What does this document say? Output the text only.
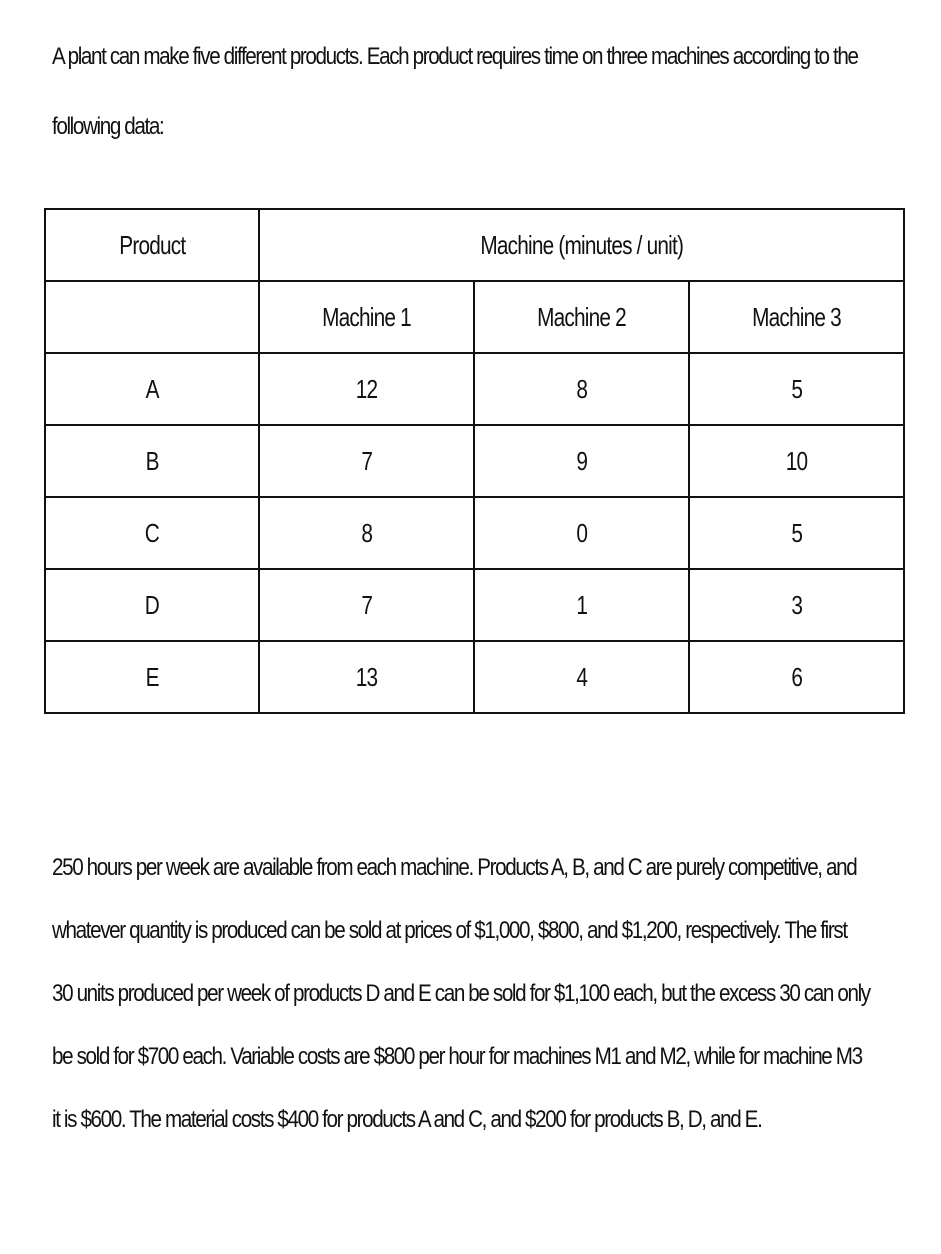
A plant can make five different products. Each product requires time on three machines according to the
following data:
Product	Machine (minutes / unit)		
	Machine 1	Machine 2	Machine 3
A	12	8	5
B	7	9	10
C	8	0	5
D	7	1	3
E	13	4	6
250 hours per week are available from each machine. Products A, B, and C are purely competitive, and
whatever quantity is produced can be sold at prices of $1,000, $800, and $1,200, respectively. The first
30 units produced per week of products D and E can be sold for $1,100 each, but the excess 30 can only
be sold for $700 each. Variable costs are $800 per hour for machines M1 and M2, while for machine M3
it is $600. The material costs $400 for products A and C, and $200 for products B, D, and E.
